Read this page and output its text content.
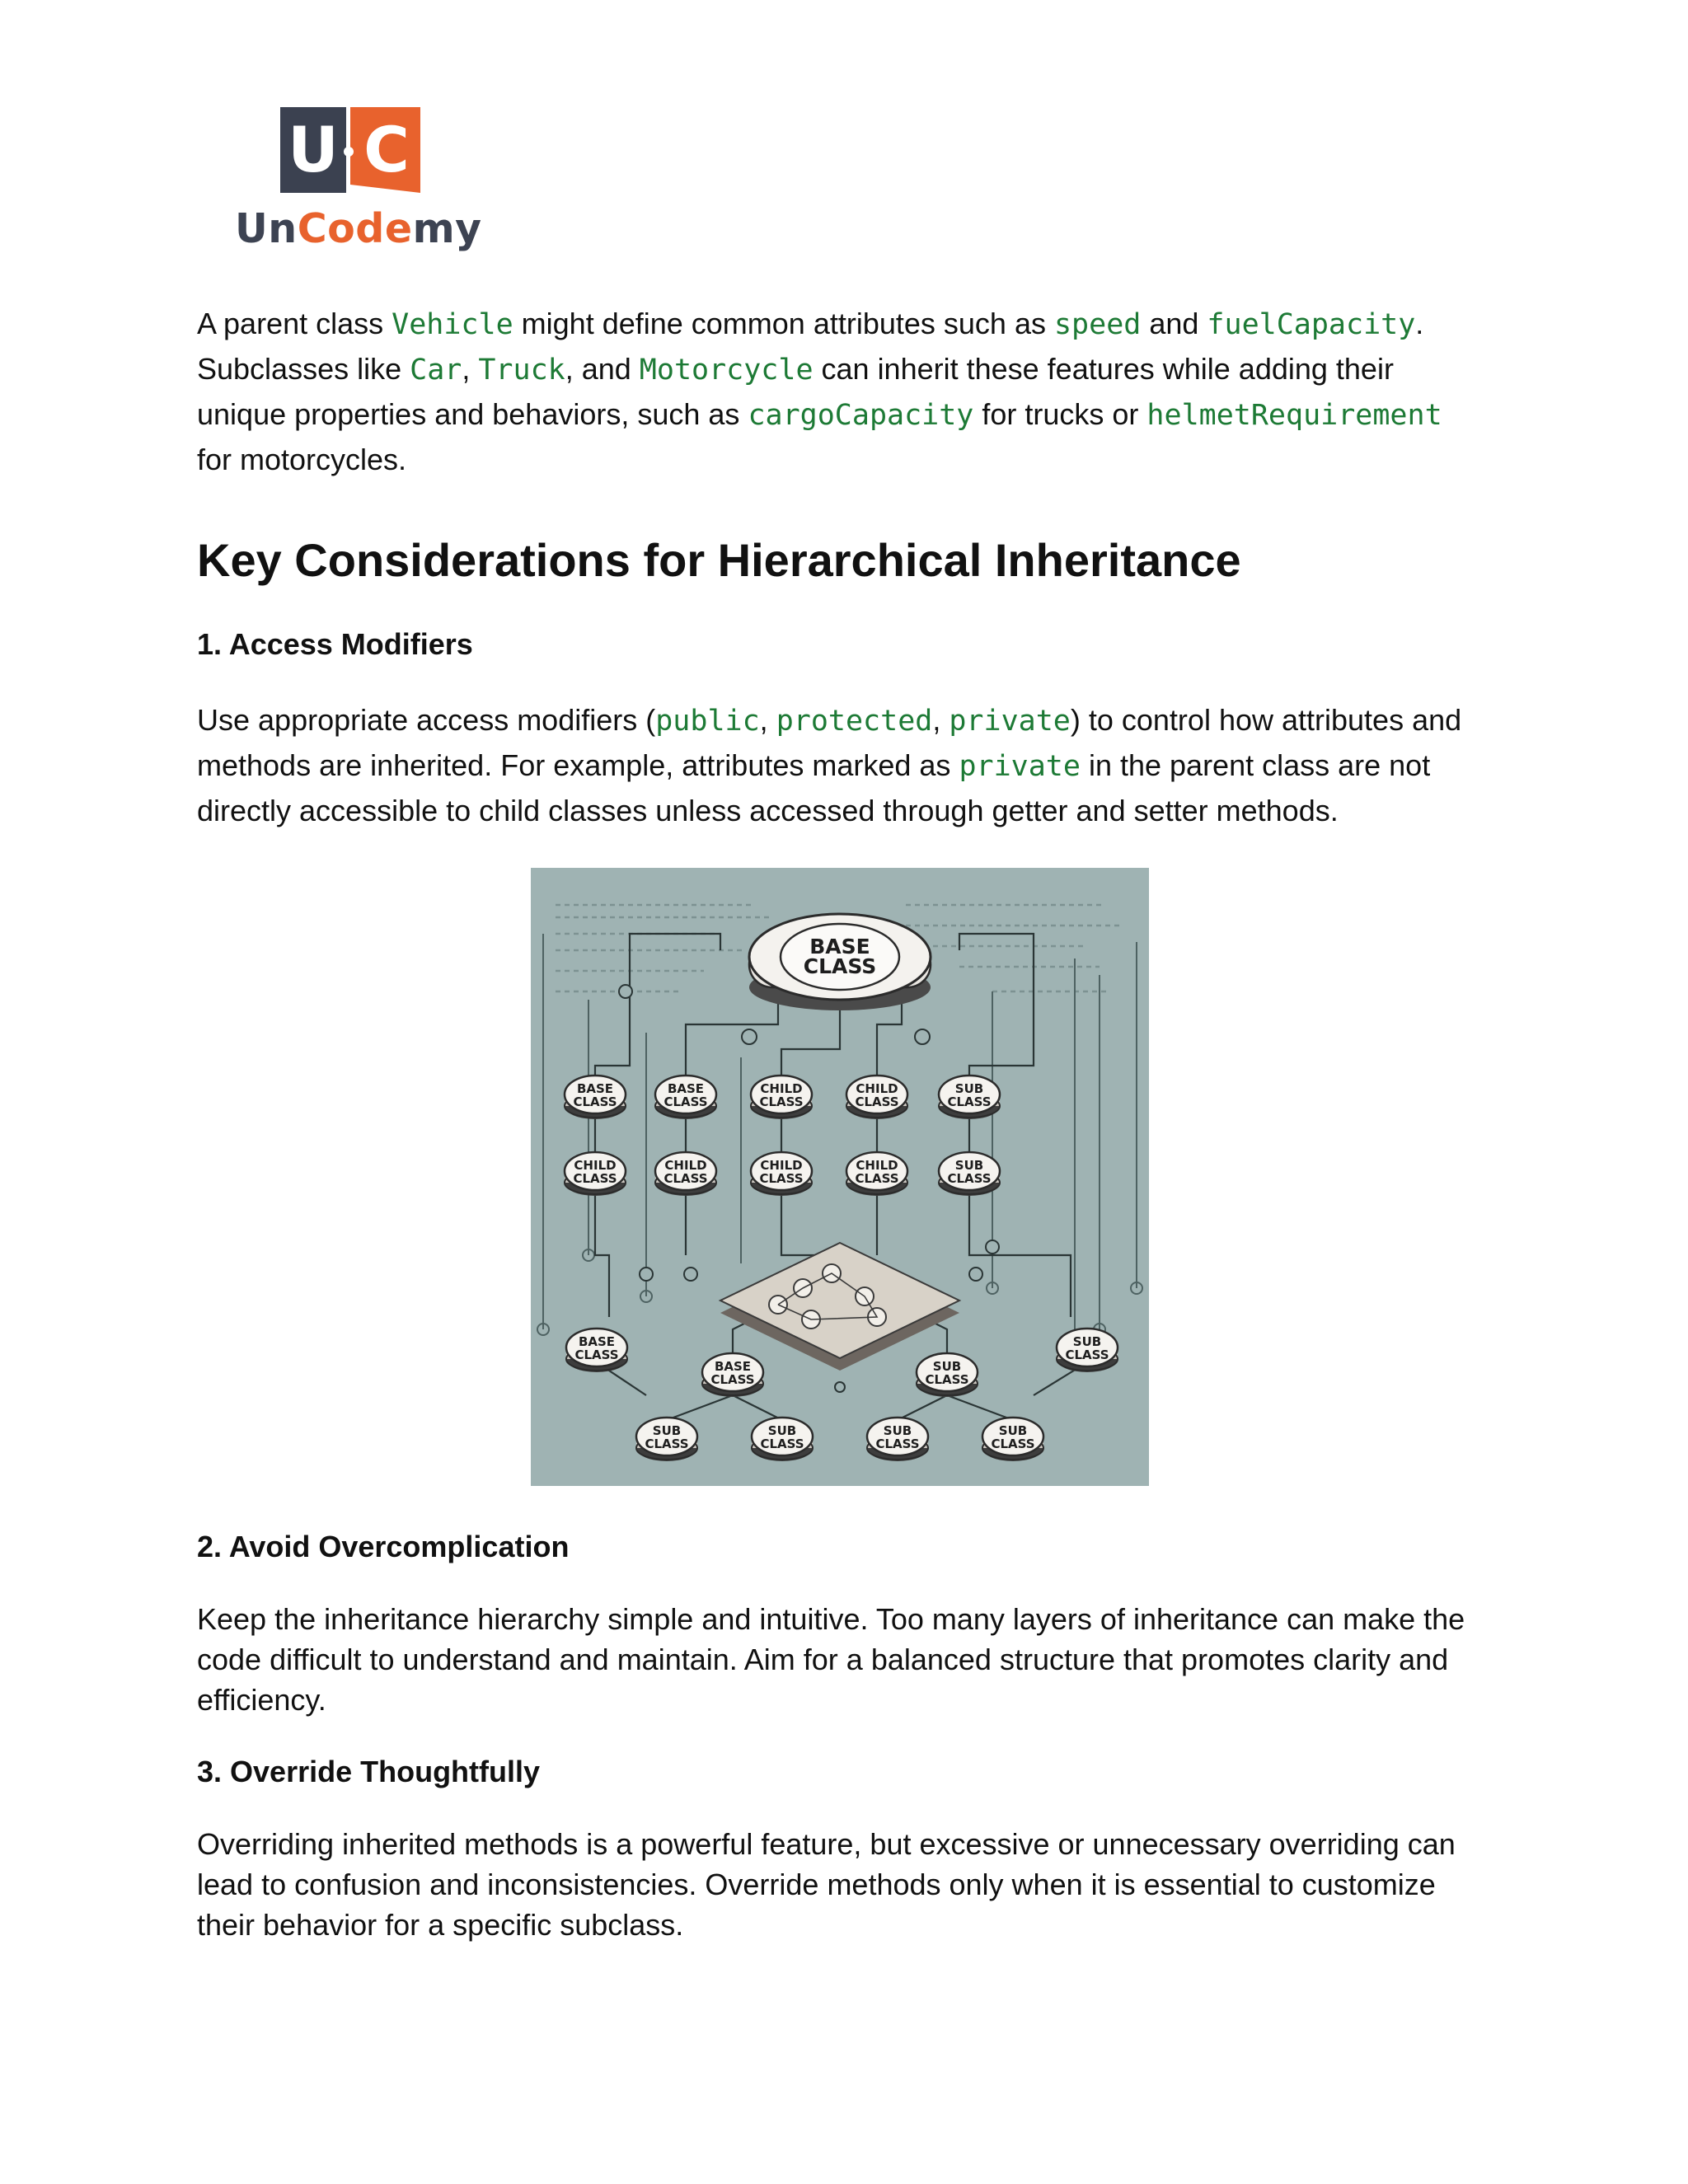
U C
UnCodemy

A parent class Vehicle might define common attributes such as speed and fuelCapacity. Subclasses like Car, Truck, and Motorcycle can inherit these features while adding their unique properties and behaviors, such as cargoCapacity for trucks or helmetRequirement for motorcycles.

Key Considerations for Hierarchical Inheritance
1. Access Modifiers

Use appropriate access modifiers (public, protected, private) to control how attributes and methods are inherited. For example, attributes marked as private in the parent class are not directly accessible to child classes unless accessed through getter and setter methods.

BASE
CLASS
BASE
CLASS
BASE
CLASS
CHILD
CLASS
CHILD
CLASS
SUB
CLASS
CHILD
CLASS
CHILD
CLASS
CHILD
CLASS
CHILD
CLASS
SUB
CLASS
BASE
CLASS
BASE
CLASS
SUB
CLASS
SUB
CLASS
SUB
CLASS
SUB
CLASS
SUB
CLASS
SUB
CLASS
2. Avoid Overcomplication

Keep the inheritance hierarchy simple and intuitive. Too many layers of inheritance can make the code difficult to understand and maintain. Aim for a balanced structure that promotes clarity and efficiency.

3. Override Thoughtfully

Overriding inherited methods is a powerful feature, but excessive or unnecessary overriding can lead to confusion and inconsistencies. Override methods only when it is essential to customize their behavior for a specific subclass.
